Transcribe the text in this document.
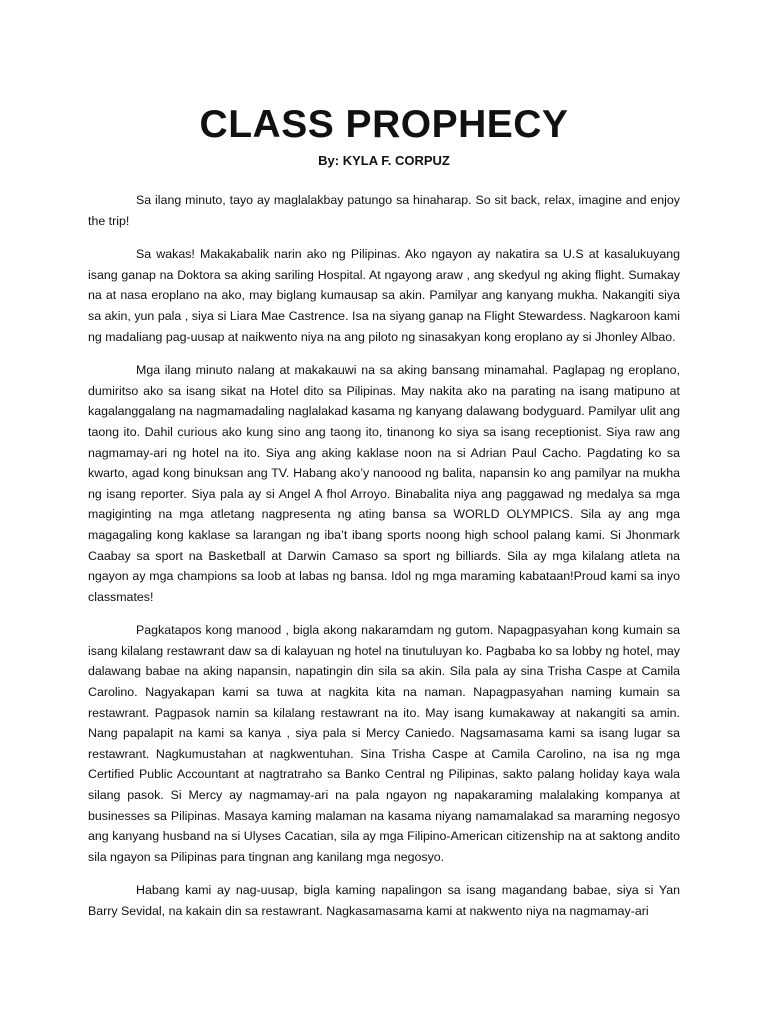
CLASS PROPHECY
By: KYLA F. CORPUZ

Sa ilang minuto, tayo ay maglalakbay patungo sa hinaharap. So sit back, relax, imagine and enjoy the trip!

Sa wakas! Makakabalik narin ako ng Pilipinas. Ako ngayon ay nakatira sa U.S at kasalukuyang isang ganap na Doktora sa aking sariling Hospital. At ngayong araw , ang skedyul ng aking flight. Sumakay na at nasa eroplano na ako, may biglang kumausap sa akin. Pamilyar ang kanyang mukha. Nakangiti siya sa akin, yun pala , siya si Liara Mae Castrence. Isa na siyang ganap na Flight Stewardess. Nagkaroon kami ng madaliang pag-uusap at naikwento niya na ang piloto ng sinasakyan kong eroplano ay si Jhonley Albao.

Mga ilang minuto nalang at makakauwi na sa aking bansang minamahal. Paglapag ng eroplano, dumiritso ako sa isang sikat na Hotel dito sa Pilipinas. May nakita ako na parating na isang matipuno at kagalanggalang na nagmamadaling naglalakad kasama ng kanyang dalawang bodyguard. Pamilyar ulit ang taong ito. Dahil curious ako kung sino ang taong ito, tinanong ko siya sa isang receptionist. Siya raw ang nagmamay-ari ng hotel na ito. Siya ang aking kaklase noon na si Adrian Paul Cacho. Pagdating ko sa kwarto, agad kong binuksan ang TV. Habang ako’y nanoood ng balita, napansin ko ang pamilyar na mukha ng isang reporter. Siya pala ay si Angel A fhol Arroyo. Binabalita niya ang paggawad ng medalya sa mga magiginting na mga atletang nagpresenta ng ating bansa sa WORLD OLYMPICS. Sila ay ang mga magagaling kong kaklase sa larangan ng iba’t ibang sports noong high school palang kami. Si Jhonmark Caabay sa sport na Basketball at Darwin Camaso sa sport ng billiards. Sila ay mga kilalang atleta na ngayon ay mga champions sa loob at labas ng bansa. Idol ng mga maraming kabataan!Proud kami sa inyo classmates!

Pagkatapos kong manood , bigla akong nakaramdam ng gutom. Napagpasyahan kong kumain sa isang kilalang restawrant daw sa di kalayuan ng hotel na tinutuluyan ko. Pagbaba ko sa lobby ng hotel, may dalawang babae na aking napansin, napatingin din sila sa akin. Sila pala ay sina Trisha Caspe at Camila Carolino. Nagyakapan kami sa tuwa at nagkita kita na naman. Napagpasyahan naming kumain sa restawrant. Pagpasok namin sa kilalang restawrant na ito. May isang kumakaway at nakangiti sa amin. Nang papalapit na kami sa kanya , siya pala si Mercy Caniedo. Nagsamasama kami sa isang lugar sa restawrant. Nagkumustahan at nagkwentuhan. Sina Trisha Caspe at Camila Carolino, na isa ng mga Certified Public Accountant at nagtratraho sa Banko Central ng Pilipinas, sakto palang holiday kaya wala silang pasok. Si Mercy ay nagmamay-ari na pala ngayon ng napakaraming malalaking kompanya at businesses sa Pilipinas. Masaya kaming malaman na kasama niyang namamalakad sa maraming negosyo ang kanyang husband na si Ulyses Cacatian, sila ay mga Filipino-American citizenship na at saktong andito sila ngayon sa Pilipinas para tingnan ang kanilang mga negosyo.

Habang kami ay nag-uusap, bigla kaming napalingon sa isang magandang babae, siya si Yan Barry Sevidal, na kakain din sa restawrant. Nagkasamasama kami at nakwento niya na nagmamay-ari
